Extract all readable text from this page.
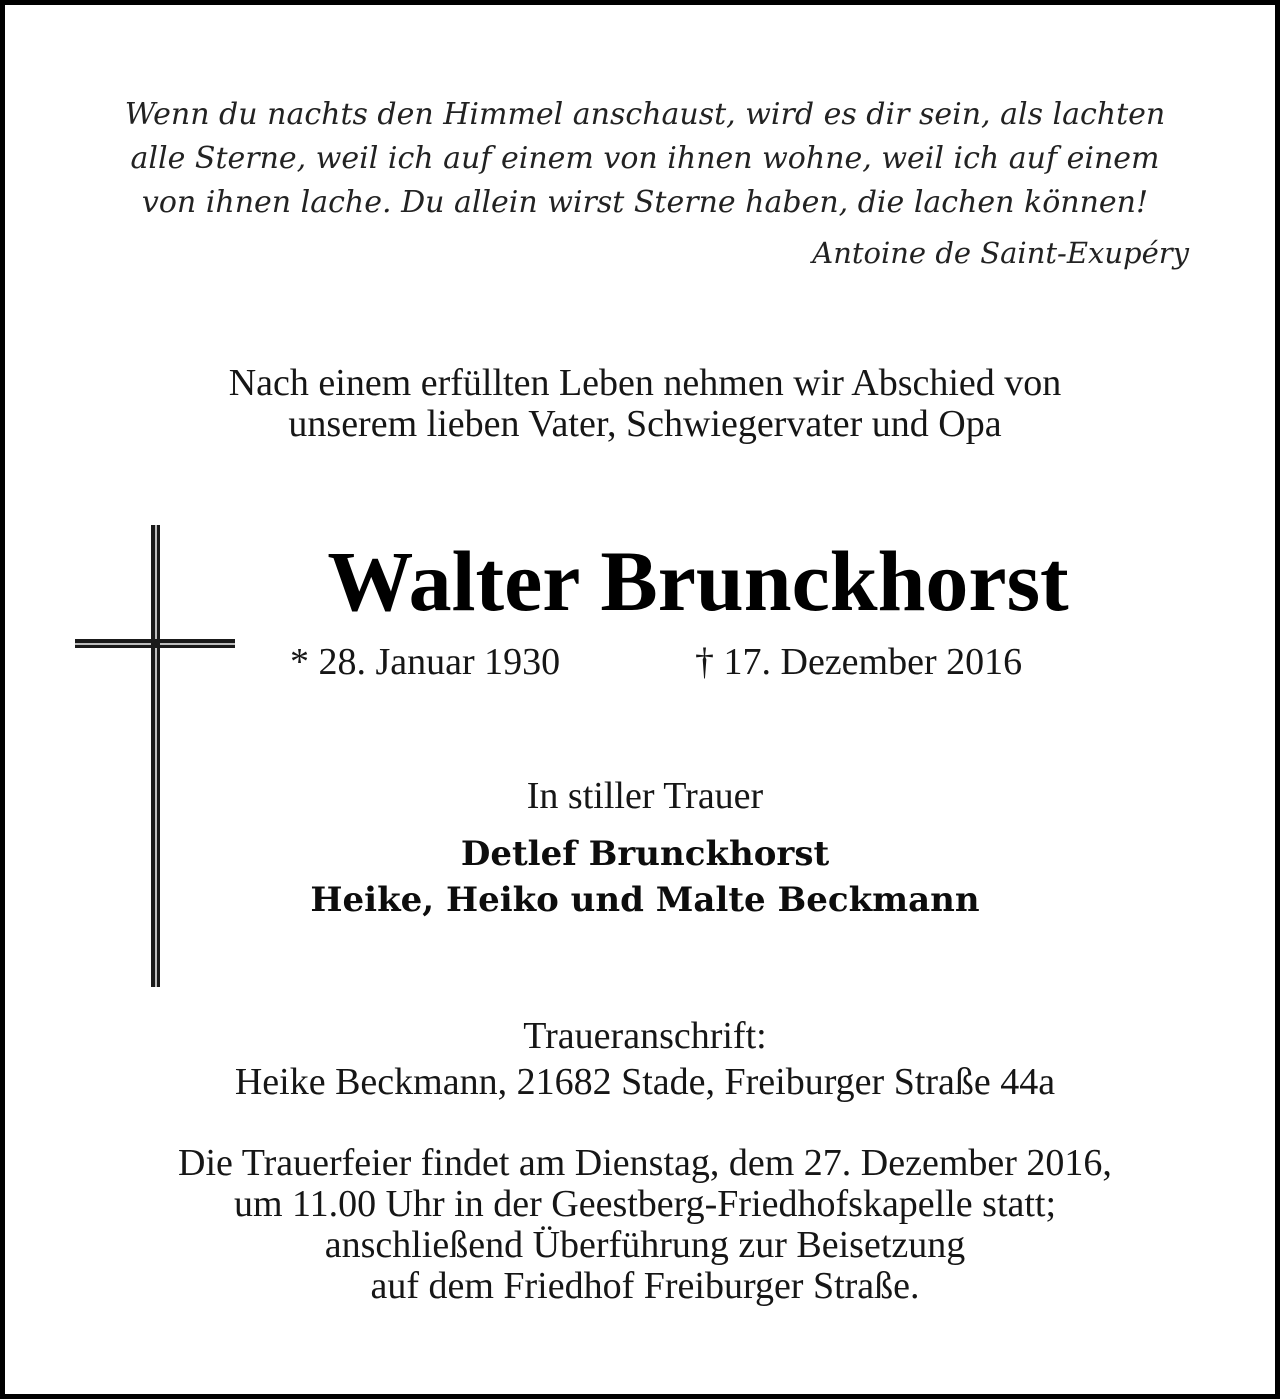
Wenn du nachts den Himmel anschaust, wird es dir sein, als lachten
alle Sterne, weil ich auf einem von ihnen wohne, weil ich auf einem
von ihnen lache. Du allein wirst Sterne haben, die lachen können!
Antoine de Saint-Exupéry
Nach einem erfüllten Leben nehmen wir Abschied von
unserem lieben Vater, Schwiegervater und Opa
Walter Brunckhorst
* 28. Januar 1930	† 17. Dezember 2016
In stiller Trauer
Detlef Brunckhorst
Heike, Heiko und Malte Beckmann
Traueranschrift:
Heike Beckmann, 21682 Stade, Freiburger Straße 44a
Die Trauerfeier findet am Dienstag, dem 27. Dezember 2016,
um 11.00 Uhr in der Geestberg-Friedhofskapelle statt;
anschließend Überführung zur Beisetzung
auf dem Friedhof Freiburger Straße.
